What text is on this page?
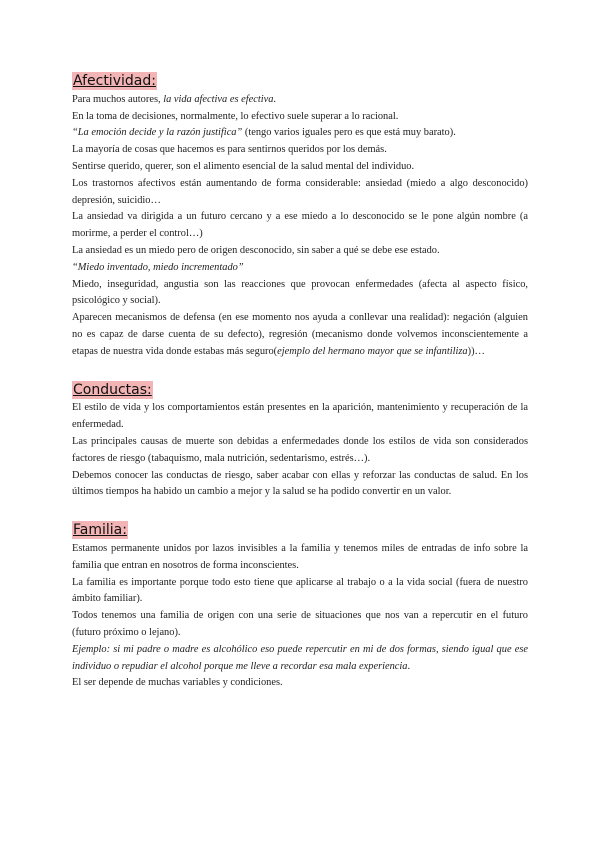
Afectividad:

Para muchos autores, la vida afectiva es efectiva.

En la toma de decisiones, normalmente, lo efectivo suele superar a lo racional.

“La emoción decide y la razón justifica” (tengo varios iguales pero es que está muy barato).

La mayoría de cosas que hacemos es para sentirnos queridos por los demás.

Sentirse querido, querer, son el alimento esencial de la salud mental del individuo.

Los trastornos afectivos están aumentando de forma considerable: ansiedad (miedo a algo desconocido) depresión, suicidio…

La ansiedad va dirigida a un futuro cercano y a ese miedo a lo desconocido se le pone algún nombre (a morirme, a perder el control…)

La ansiedad es un miedo pero de origen desconocido, sin saber a qué se debe ese estado.

“Miedo inventado, miedo incrementado”

Miedo, inseguridad, angustia son las reacciones que provocan enfermedades (afecta al aspecto físico, psicológico y social).

Aparecen mecanismos de defensa (en ese momento nos ayuda a conllevar una realidad): negación (alguien no es capaz de darse cuenta de su defecto), regresión (mecanismo donde volvemos inconscientemente a etapas de nuestra vida donde estabas más seguro(ejemplo del hermano mayor que se infantiliza))…

Conductas:

El estilo de vida y los comportamientos están presentes en la aparición, mantenimiento y recuperación de la enfermedad.

Las principales causas de muerte son debidas a enfermedades donde los estilos de vida son considerados factores de riesgo (tabaquismo, mala nutrición, sedentarismo, estrés…).

Debemos conocer las conductas de riesgo, saber acabar con ellas y reforzar las conductas de salud. En los últimos tiempos ha habido un cambio a mejor y la salud se ha podido convertir en un valor.

Familia:

Estamos permanente unidos por lazos invisibles a la familia y tenemos miles de entradas de info sobre la familia que entran en nosotros de forma inconscientes.

La familia es importante porque todo esto tiene que aplicarse al trabajo o a la vida social (fuera de nuestro ámbito familiar).

Todos tenemos una familia de origen con una serie de situaciones que nos van a repercutir en el futuro (futuro próximo o lejano).

Ejemplo: si mi padre o madre es alcohólico eso puede repercutir en mi de dos formas, siendo igual que ese individuo o repudiar el alcohol porque me lleve a recordar esa mala experiencia.

El ser depende de muchas variables y condiciones.
